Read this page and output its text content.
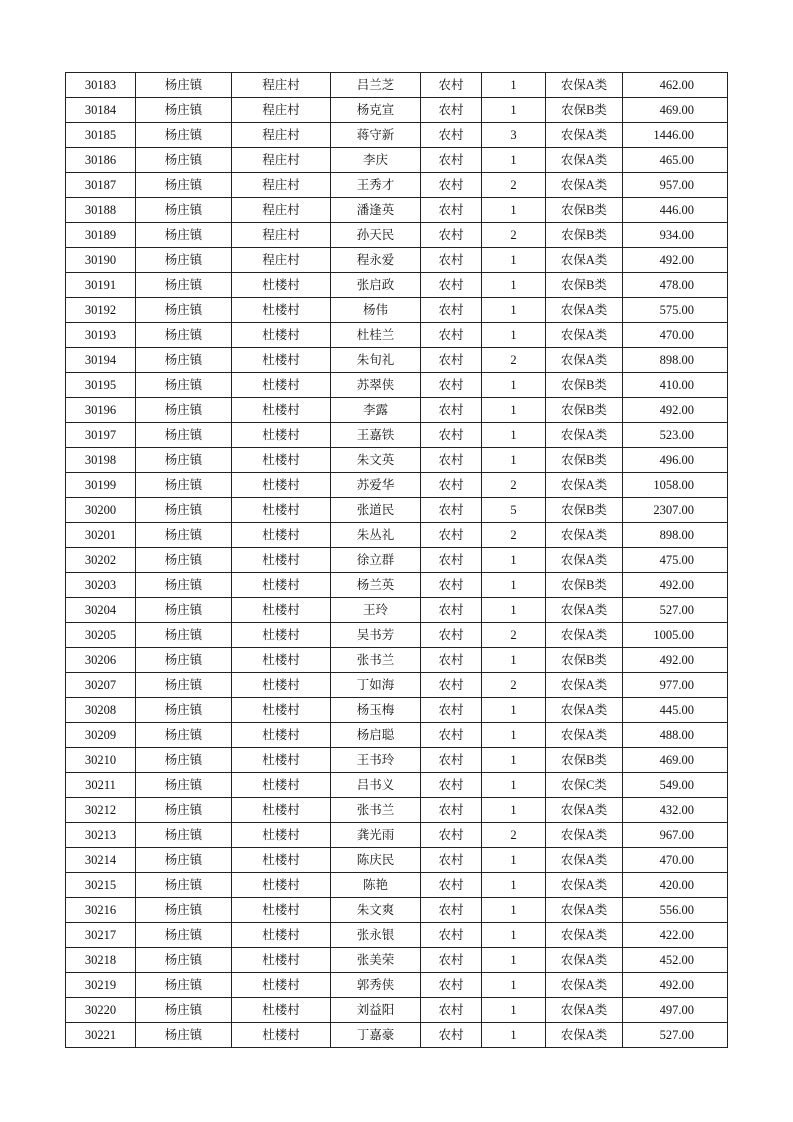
30183	杨庄镇	程庄村	吕兰芝	农村	1	农保A类	462.00
30184	杨庄镇	程庄村	杨克宣	农村	1	农保B类	469.00
30185	杨庄镇	程庄村	蒋守新	农村	3	农保A类	1446.00
30186	杨庄镇	程庄村	李庆	农村	1	农保A类	465.00
30187	杨庄镇	程庄村	王秀才	农村	2	农保A类	957.00
30188	杨庄镇	程庄村	潘逢英	农村	1	农保B类	446.00
30189	杨庄镇	程庄村	孙天民	农村	2	农保B类	934.00
30190	杨庄镇	程庄村	程永爱	农村	1	农保A类	492.00
30191	杨庄镇	杜楼村	张启政	农村	1	农保B类	478.00
30192	杨庄镇	杜楼村	杨伟	农村	1	农保A类	575.00
30193	杨庄镇	杜楼村	杜桂兰	农村	1	农保A类	470.00
30194	杨庄镇	杜楼村	朱旬礼	农村	2	农保A类	898.00
30195	杨庄镇	杜楼村	苏翠侠	农村	1	农保B类	410.00
30196	杨庄镇	杜楼村	李露	农村	1	农保B类	492.00
30197	杨庄镇	杜楼村	王嘉铁	农村	1	农保A类	523.00
30198	杨庄镇	杜楼村	朱文英	农村	1	农保B类	496.00
30199	杨庄镇	杜楼村	苏爱华	农村	2	农保A类	1058.00
30200	杨庄镇	杜楼村	张道民	农村	5	农保B类	2307.00
30201	杨庄镇	杜楼村	朱丛礼	农村	2	农保A类	898.00
30202	杨庄镇	杜楼村	徐立群	农村	1	农保A类	475.00
30203	杨庄镇	杜楼村	杨兰英	农村	1	农保B类	492.00
30204	杨庄镇	杜楼村	王玲	农村	1	农保A类	527.00
30205	杨庄镇	杜楼村	吴书芳	农村	2	农保A类	1005.00
30206	杨庄镇	杜楼村	张书兰	农村	1	农保B类	492.00
30207	杨庄镇	杜楼村	丁如海	农村	2	农保A类	977.00
30208	杨庄镇	杜楼村	杨玉梅	农村	1	农保A类	445.00
30209	杨庄镇	杜楼村	杨启聪	农村	1	农保A类	488.00
30210	杨庄镇	杜楼村	王书玲	农村	1	农保B类	469.00
30211	杨庄镇	杜楼村	吕书义	农村	1	农保C类	549.00
30212	杨庄镇	杜楼村	张书兰	农村	1	农保A类	432.00
30213	杨庄镇	杜楼村	龚光雨	农村	2	农保A类	967.00
30214	杨庄镇	杜楼村	陈庆民	农村	1	农保A类	470.00
30215	杨庄镇	杜楼村	陈艳	农村	1	农保A类	420.00
30216	杨庄镇	杜楼村	朱文爽	农村	1	农保A类	556.00
30217	杨庄镇	杜楼村	张永银	农村	1	农保A类	422.00
30218	杨庄镇	杜楼村	张美荣	农村	1	农保A类	452.00
30219	杨庄镇	杜楼村	郭秀侠	农村	1	农保A类	492.00
30220	杨庄镇	杜楼村	刘益阳	农村	1	农保A类	497.00
30221	杨庄镇	杜楼村	丁嘉豪	农村	1	农保A类	527.00
